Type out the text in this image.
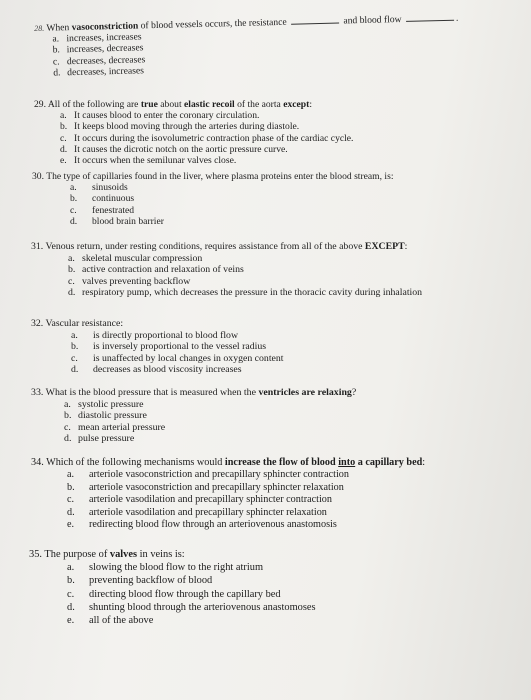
28. When vasoconstriction of blood vessels occurs, the resistance	and blood flow	.
a. increases, increases
b. increases, decreases
c. decreases, decreases
d. decreases, increases
29. All of the following are true about elastic recoil of the aorta except:
a. It causes blood to enter the coronary circulation.
b. It keeps blood moving through the arteries during diastole.
c. It occurs during the isovolumetric contraction phase of the cardiac cycle.
d. It causes the dicrotic notch on the aortic pressure curve.
e. It occurs when the semilunar valves close.
30. The type of capillaries found in the liver, where plasma proteins enter the blood stream, is:
a. sinusoids
b. continuous
c. fenestrated
d. blood brain barrier
31. Venous return, under resting conditions, requires assistance from all of the above EXCEPT:
a. skeletal muscular compression
b. active contraction and relaxation of veins
c. valves preventing backflow
d. respiratory pump, which decreases the pressure in the thoracic cavity during inhalation
32. Vascular resistance:
a. is directly proportional to blood flow
b. is inversely proportional to the vessel radius
c. is unaffected by local changes in oxygen content
d. decreases as blood viscosity increases
33. What is the blood pressure that is measured when the ventricles are relaxing?
a. systolic pressure
b. diastolic pressure
c. mean arterial pressure
d. pulse pressure
34. Which of the following mechanisms would increase the flow of blood into a capillary bed:
a. arteriole vasoconstriction and precapillary sphincter contraction
b. arteriole vasoconstriction and precapillary sphincter relaxation
c. arteriole vasodilation and precapillary sphincter contraction
d. arteriole vasodilation and precapillary sphincter relaxation
e. redirecting blood flow through an arteriovenous anastomosis
35. The purpose of valves in veins is:
a. slowing the blood flow to the right atrium
b. preventing backflow of blood
c. directing blood flow through the capillary bed
d. shunting blood through the arteriovenous anastomoses
e. all of the above
